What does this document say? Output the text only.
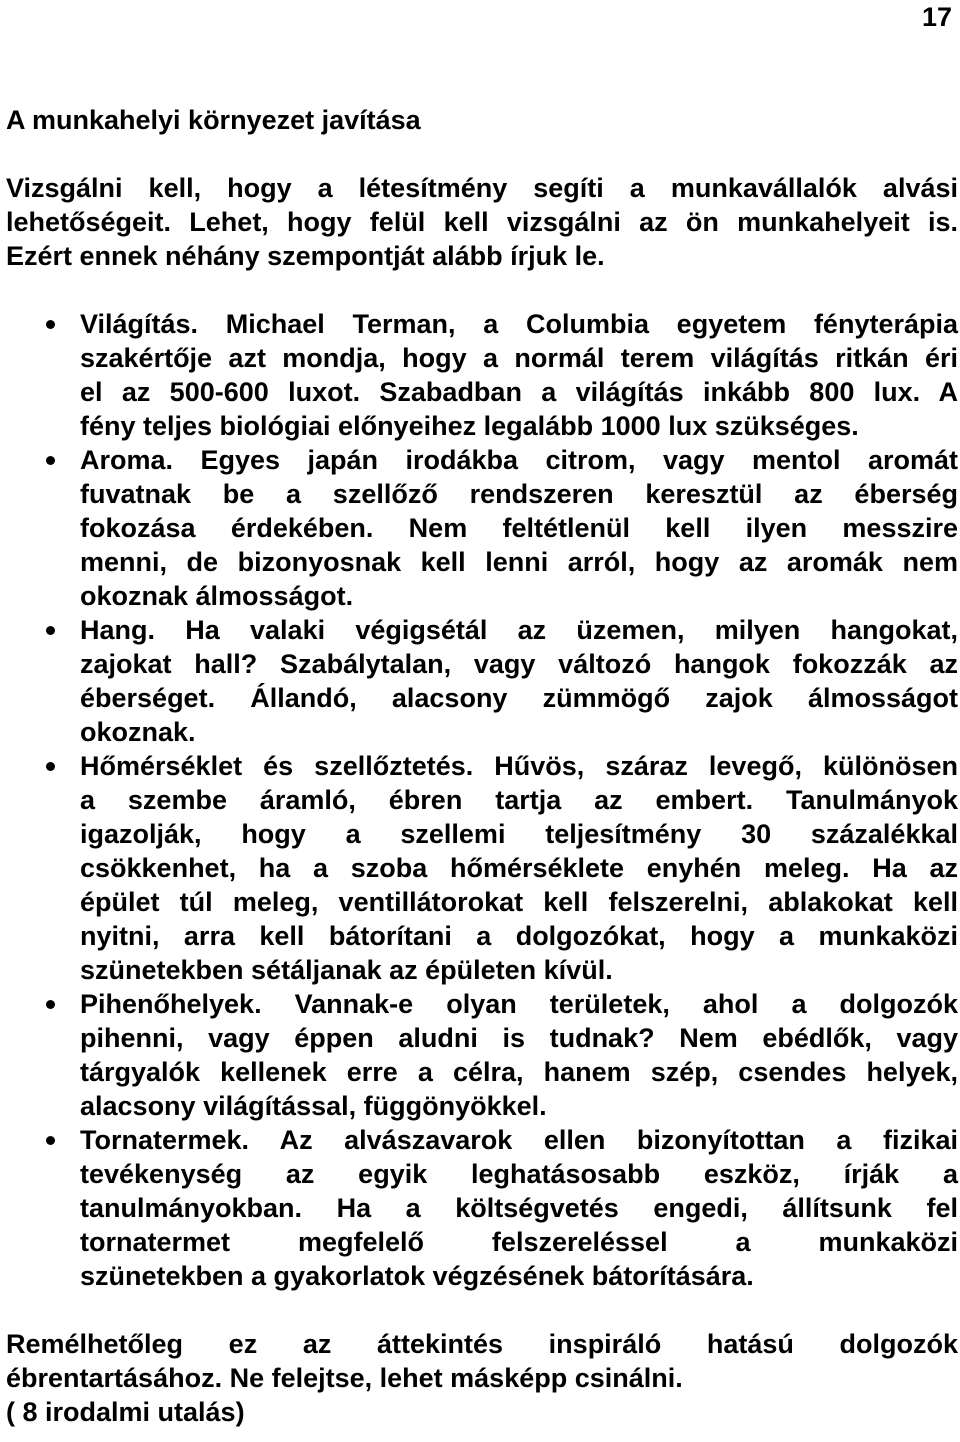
17
A munkahelyi környezet javítása
Vizsgálni kell, hogy a létesítmény segíti a munkavállalók alvási
lehetőségeit. Lehet, hogy felül kell vizsgálni az ön munkahelyeit is.
Ezért ennek néhány szempontját alább írjuk le.
Világítás. Michael Terman, a Columbia egyetem fényterápia
szakértője azt mondja, hogy a normál terem világítás ritkán éri
el az 500-600 luxot. Szabadban a világítás inkább 800 lux. A
fény teljes biológiai előnyeihez legalább 1000 lux szükséges.
Aroma. Egyes japán irodákba citrom, vagy mentol aromát
fuvatnak be a szellőző rendszeren keresztül az éberség
fokozása érdekében. Nem feltétlenül kell ilyen messzire
menni, de bizonyosnak kell lenni arról, hogy az aromák nem
okoznak álmosságot.
Hang. Ha valaki végigsétál az üzemen, milyen hangokat,
zajokat hall? Szabálytalan, vagy változó hangok fokozzák az
éberséget. Állandó, alacsony zümmögő zajok álmosságot
okoznak.
Hőmérséklet és szellőztetés. Hűvös, száraz levegő, különösen
a szembe áramló, ébren tartja az embert. Tanulmányok
igazolják, hogy a szellemi teljesítmény 30 százalékkal
csökkenhet, ha a szoba hőmérséklete enyhén meleg. Ha az
épület túl meleg, ventillátorokat kell felszerelni, ablakokat kell
nyitni, arra kell bátorítani a dolgozókat, hogy a munkaközi
szünetekben sétáljanak az épületen kívül.
Pihenőhelyek. Vannak-e olyan területek, ahol a dolgozók
pihenni, vagy éppen aludni is tudnak? Nem ebédlők, vagy
tárgyalók kellenek erre a célra, hanem szép, csendes helyek,
alacsony világítással, függönyökkel.
Tornatermek. Az alvászavarok ellen bizonyítottan a fizikai
tevékenység az egyik leghatásosabb eszköz, írják a
tanulmányokban. Ha a költségvetés engedi, állítsunk fel
tornatermet megfelelő felszereléssel a munkaközi
szünetekben a gyakorlatok végzésének bátorítására.
Remélhetőleg ez az áttekintés inspiráló hatású dolgozók
ébrentartásához. Ne felejtse, lehet másképp csinálni.
( 8 irodalmi utalás)
